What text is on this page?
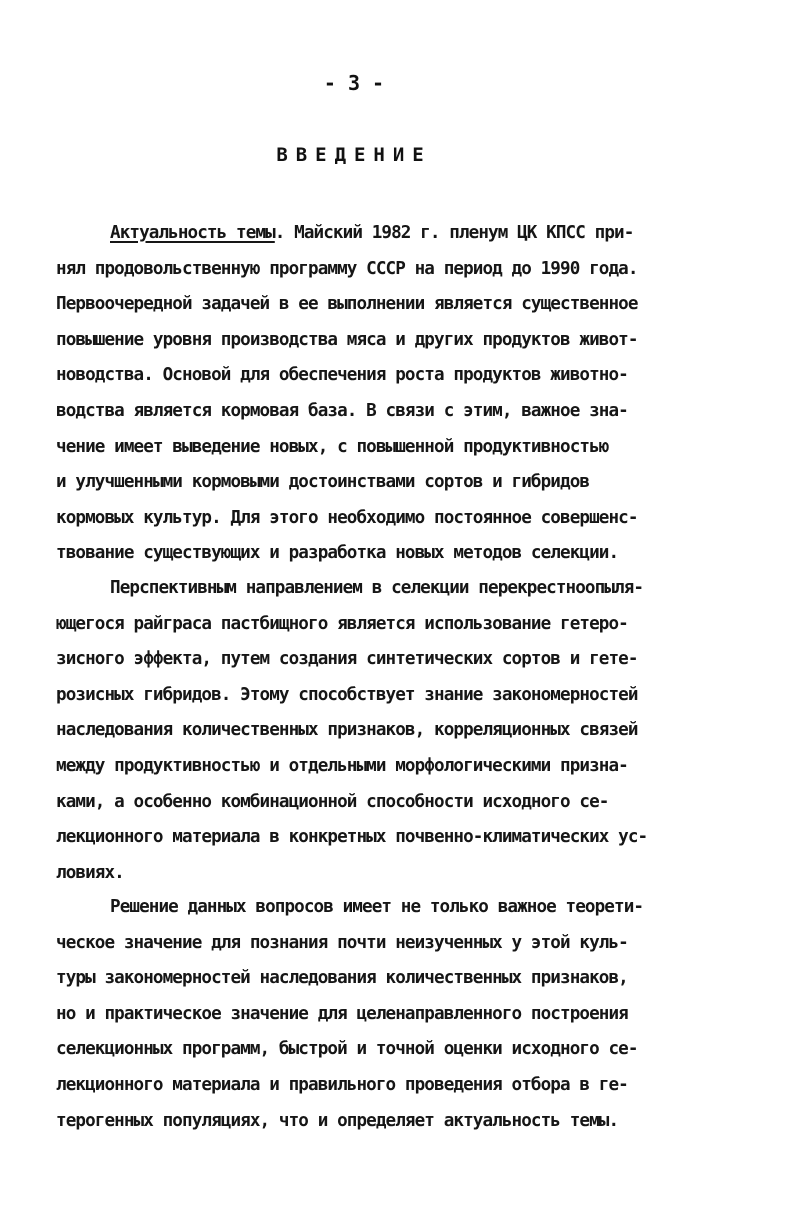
- 3 -
ВВЕДЕНИЕ
Актуальность темы. Майский 1982 г. пленум ЦК КПСС при-
нял продовольственную программу СССР на период до 1990 года.
Первоочередной задачей в ее выполнении является существенное
повышение уровня производства мяса и других продуктов живот-
новодства. Основой для обеспечения роста продуктов животно-
водства является кормовая база. В связи с этим, важное зна-
чение имеет выведение новых, с повышенной продуктивностью
и улучшенными кормовыми достоинствами сортов и гибридов
кормовых культур. Для этого необходимо постоянное совершенс-
твование существующих и разработка новых методов селекции.
Перспективным направлением в селекции перекрестноопыля-
ющегося райграса пастбищного является использование гетеро-
зисного эффекта, путем создания синтетических сортов и гете-
розисных гибридов. Этому способствует знание закономерностей
наследования количественных признаков, корреляционных связей
между продуктивностью и отдельными морфологическими призна-
ками, а особенно комбинационной способности исходного се-
лекционного материала в конкретных почвенно-климатических ус-
ловиях.
Решение данных вопросов имеет не только важное теорети-
ческое значение для познания почти неизученных у этой куль-
туры закономерностей наследования количественных признаков,
но и практическое значение для целенаправленного построения
селекционных программ, быстрой и точной оценки исходного се-
лекционного материала и правильного проведения отбора в ге-
терогенных популяциях, что и определяет актуальность темы.
